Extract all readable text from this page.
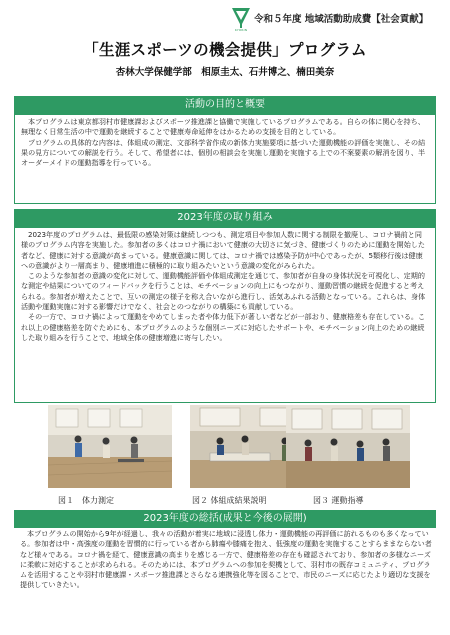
KYORIN
令和５年度 地域活動助成費【社会貢献】
「生涯スポーツの機会提供」プログラム
杏林大学保健学部　相原圭太、石井博之、楠田美奈
活動の目的と概要

本プログラムは東京都羽村市健康課およびスポーツ推進課と協働で実施しているプログラムである。自らの体に関心を持ち、無理なく日常生活の中で運動を継続することで健康寿命延伸をはかるための支援を目的としている。

プログラムの具体的な内容は、体組成の測定、文部科学省作成の新体力実施要項に基づいた運動機能の評価を実施し、その結果の見方についての解説を行う。そして、希望者には、個別の相談会を実施し運動を実施する上での不案要素の解消を図り、半オーダーメイドの運動指導を行っている。

2023年度の取り組み

2023年度のプログラムは、最低限の感染対策は継続しつつも、測定項目や参加人数に関する制限を撤廃し、コロナ禍前と同様のプログラム内容を実施した。参加者の多くはコロナ禍において健康の大切さに気づき、健康づくりのために運動を開始した者など、健康に対する意識が高まっている。健康意識に関しては、コロナ禍では感染予防が中心であったが、5類移行後は健康への意識がより一層高まり、健康増進に積極的に取り組みたいという意識の変化がみられた。

このような参加者の意識の変化に対して、運動機能評価や体組成測定を通じて、参加者が自身の身体状況を可視化し、定期的な測定や結果についてのフィードバックを行うことは、モチベーションの向上にもつながり、運動習慣の継続を促進すると考えられる。参加者が増えたことで、互いの測定の様子を称え合いながら進行し、活気あふれる活動となっている。これらは、身体活動や運動実施に対する影響だけでなく、社会とのつながりの構築にも貢献している。

その一方で、コロナ禍によって運動をやめてしまった者や体力低下が著しい者などが一部おり、健康格差も存在している。これ以上の健康格差を防ぐためにも、本プログラムのような個別ニーズに対応したサポートや、モチベーション向上のための継続した取り組みを行うことで、地域全体の健康増進に寄与したい。

図１　体力測定	図２ 体組成結果説明	図３ 運動指導
2023年度の総括(成果と今後の展開)

本プログラムの開始から9年が経過し、我々の活動が着実に地域に浸透し体力・運動機能の再評価に訪れるものも多くなっている。参加者は中・高強度の運動を習慣的に行っている者から肺瘍や膝痛を抱え、低強度の運動を実施することすらままならない者など様々である。コロナ禍を経て、健康意識の高まりを感じる一方で、健康格差の存在も確認されており、参加者の多様なニーズに柔軟に対応することが求められる。そのためには、本プログラムへの参加を契機として、羽村市の既存コミュニティ、プログラムを活用することや羽村市健康課・スポーツ推進課とさらなる連携強化等を図ることで、市民のニーズに応じたより適切な支援を提供していきたい。
